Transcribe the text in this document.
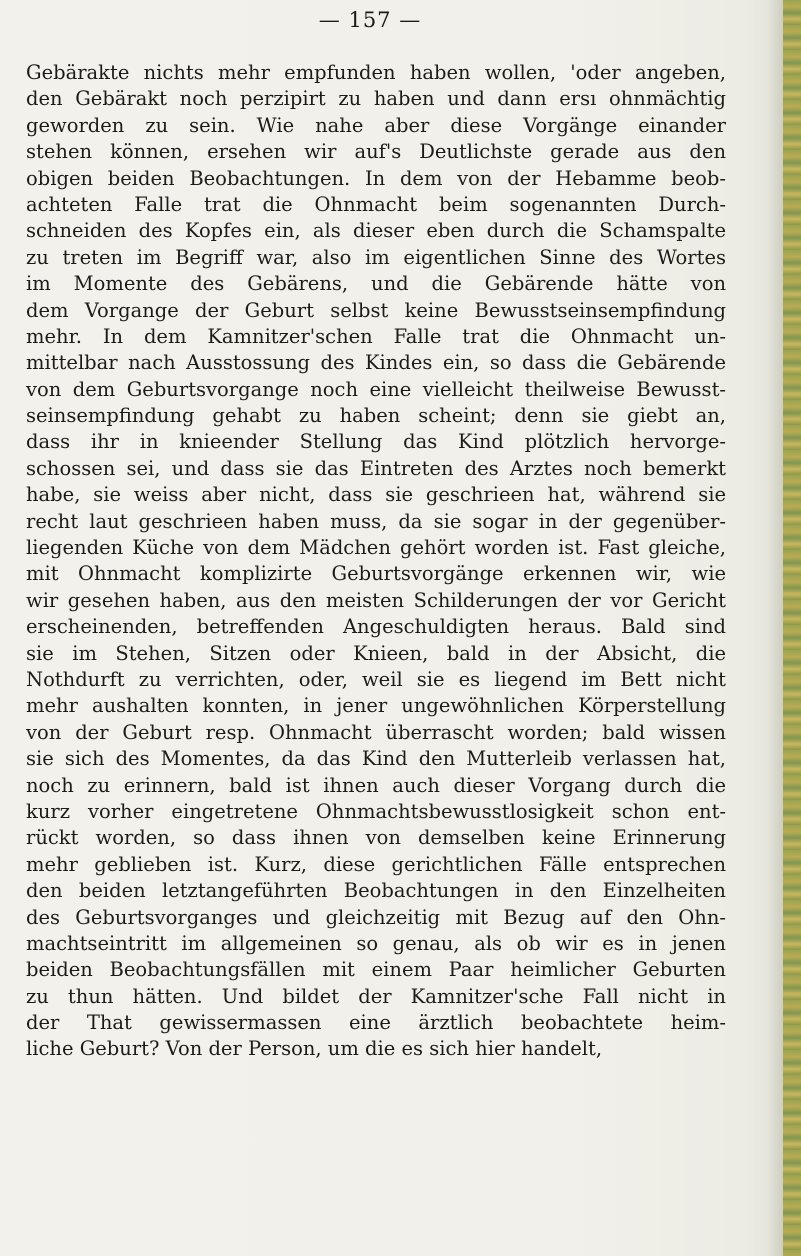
— 157 —
Gebärakte nichts mehr empfunden haben wollen, 'oder angeben,
den Gebärakt noch perzipirt zu haben und dann ersı ohnmächtig
geworden zu sein. Wie nahe aber diese Vorgänge einander
stehen können, ersehen wir auf's Deutlichste gerade aus den
obigen beiden Beobachtungen. In dem von der Hebamme beob-
achteten Falle trat die Ohnmacht beim sogenannten Durch-
schneiden des Kopfes ein, als dieser eben durch die Schamspalte
zu treten im Begriff war, also im eigentlichen Sinne des Wortes
im Momente des Gebärens, und die Gebärende hätte von
dem Vorgange der Geburt selbst keine Bewusstseinsempfindung
mehr. In dem Kamnitzer'schen Falle trat die Ohnmacht un-
mittelbar nach Ausstossung des Kindes ein, so dass die Gebärende
von dem Geburtsvorgange noch eine vielleicht theilweise Bewusst-
seinsempfindung gehabt zu haben scheint; denn sie giebt an,
dass ihr in knieender Stellung das Kind plötzlich hervorge-
schossen sei, und dass sie das Eintreten des Arztes noch bemerkt
habe, sie weiss aber nicht, dass sie geschrieen hat, während sie
recht laut geschrieen haben muss, da sie sogar in der gegenüber-
liegenden Küche von dem Mädchen gehört worden ist. Fast gleiche,
mit Ohnmacht komplizirte Geburtsvorgänge erkennen wir, wie
wir gesehen haben, aus den meisten Schilderungen der vor Gericht
erscheinenden, betreffenden Angeschuldigten heraus. Bald sind
sie im Stehen, Sitzen oder Knieen, bald in der Absicht, die
Nothdurft zu verrichten, oder, weil sie es liegend im Bett nicht
mehr aushalten konnten, in jener ungewöhnlichen Körperstellung
von der Geburt resp. Ohnmacht überrascht worden; bald wissen
sie sich des Momentes, da das Kind den Mutterleib verlassen hat,
noch zu erinnern, bald ist ihnen auch dieser Vorgang durch die
kurz vorher eingetretene Ohnmachtsbewusstlosigkeit schon ent-
rückt worden, so dass ihnen von demselben keine Erinnerung
mehr geblieben ist. Kurz, diese gerichtlichen Fälle entsprechen
den beiden letztangeführten Beobachtungen in den Einzelheiten
des Geburtsvorganges und gleichzeitig mit Bezug auf den Ohn-
machtseintritt im allgemeinen so genau, als ob wir es in jenen
beiden Beobachtungsfällen mit einem Paar heimlicher Geburten
zu thun hätten. Und bildet der Kamnitzer'sche Fall nicht in
der That gewissermassen eine ärztlich beobachtete heim-
liche Geburt? Von der Person, um die es sich hier handelt,
